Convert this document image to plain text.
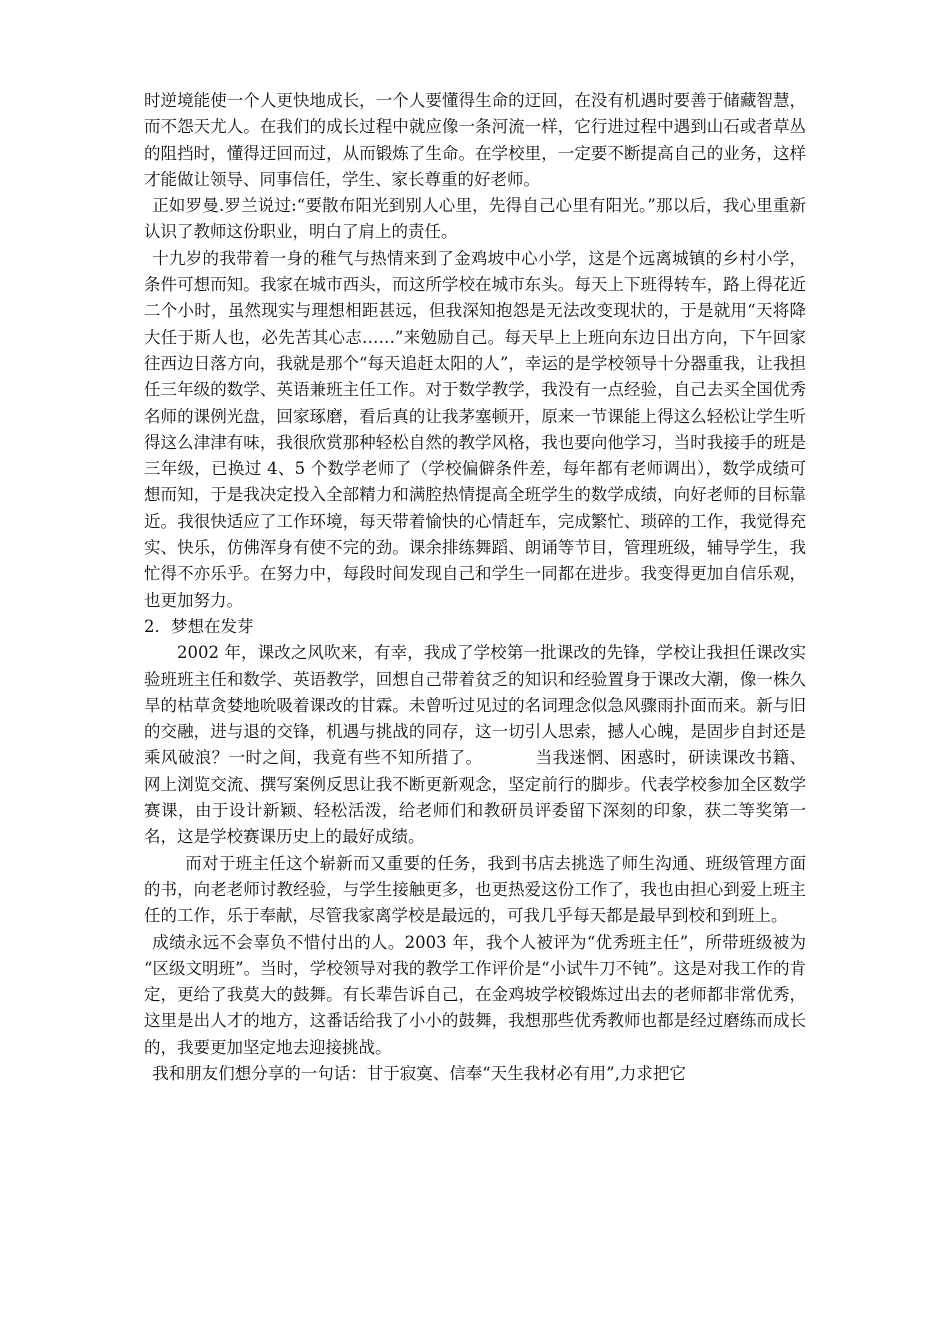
时逆境能使一个人更快地成长，一个人要懂得生命的迂回，在没有机遇时要善于储藏智慧，而不怨天尤人。在我们的成长过程中就应像一条河流一样，它行进过程中遇到山石或者草丛的阻挡时，懂得迂回而过，从而锻炼了生命。在学校里，一定要不断提高自己的业务，这样才能做让领导、同事信任，学生、家长尊重的好老师。

正如罗曼.罗兰说过:“要散布阳光到别人心里，先得自己心里有阳光。”那以后，我心里重新认识了教师这份职业，明白了肩上的责任。

十九岁的我带着一身的稚气与热情来到了金鸡坡中心小学，这是个远离城镇的乡村小学，条件可想而知。我家在城市西头，而这所学校在城市东头。每天上下班得转车，路上得花近二个小时，虽然现实与理想相距甚远，但我深知抱怨是无法改变现状的，于是就用“天将降大任于斯人也，必先苦其心志……”来勉励自己。每天早上上班向东边日出方向，下午回家往西边日落方向，我就是那个“每天追赶太阳的人”，幸运的是学校领导十分器重我，让我担任三年级的数学、英语兼班主任工作。对于数学教学，我没有一点经验，自己去买全国优秀名师的课例光盘，回家琢磨，看后真的让我茅塞顿开，原来一节课能上得这么轻松让学生听得这么津津有味，我很欣赏那种轻松自然的教学风格，我也要向他学习，当时我接手的班是三年级，已换过 4、5 个数学老师了（学校偏僻条件差，每年都有老师调出），数学成绩可想而知，于是我决定投入全部精力和满腔热情提高全班学生的数学成绩，向好老师的目标靠近。我很快适应了工作环境，每天带着愉快的心情赶车，完成繁忙、琐碎的工作，我觉得充实、快乐，仿佛浑身有使不完的劲。课余排练舞蹈、朗诵等节目，管理班级，辅导学生，我忙得不亦乐乎。在努力中，每段时间发现自己和学生一同都在进步。我变得更加自信乐观，也更加努力。

2．梦想在发芽

2002 年，课改之风吹来，有幸，我成了学校第一批课改的先锋，学校让我担任课改实验班班主任和数学、英语教学，回想自己带着贫乏的知识和经验置身于课改大潮，像一株久旱的枯草贪婪地吮吸着课改的甘霖。未曾听过见过的名词理念似急风骤雨扑面而来。新与旧的交融，进与退的交锋，机遇与挑战的同存，这一切引人思索，撼人心魄，是固步自封还是乘风破浪？一时之间，我竟有些不知所措了。	当我迷惘、困惑时，研读课改书籍、网上浏览交流、撰写案例反思让我不断更新观念，坚定前行的脚步。代表学校参加全区数学赛课，由于设计新颖、轻松活泼，给老师们和教研员评委留下深刻的印象，获二等奖第一名，这是学校赛课历史上的最好成绩。

而对于班主任这个崭新而又重要的任务，我到书店去挑选了师生沟通、班级管理方面的书，向老老师讨教经验，与学生接触更多，也更热爱这份工作了，我也由担心到爱上班主任的工作，乐于奉献，尽管我家离学校是最远的，可我几乎每天都是最早到校和到班上。

成绩永远不会辜负不惜付出的人。2003 年，我个人被评为“优秀班主任”，所带班级被为 “区级文明班”。当时，学校领导对我的教学工作评价是“小试牛刀不钝”。这是对我工作的肯定，更给了我莫大的鼓舞。有长辈告诉自己，在金鸡坡学校锻炼过出去的老师都非常优秀，这里是出人才的地方，这番话给我了小小的鼓舞，我想那些优秀教师也都是经过磨练而成长的，我要更加坚定地去迎接挑战。

我和朋友们想分享的一句话：甘于寂寞、信奉“天生我材必有用”,力求把它
